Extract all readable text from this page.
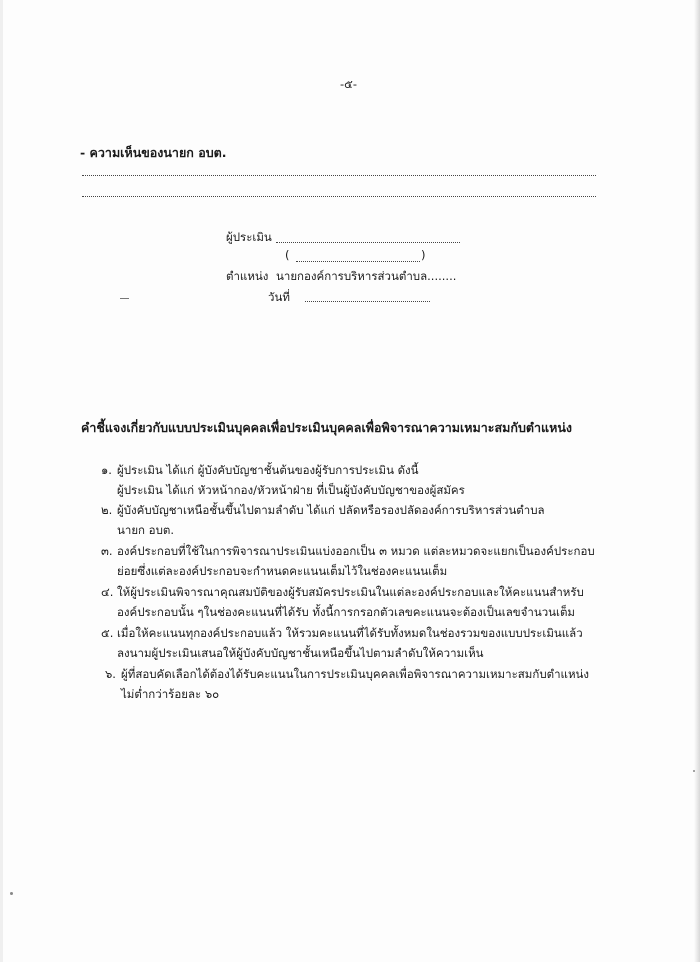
-๕-
- ความเห็นของนายก อบต.
ผู้ประเมิน
(	)
ตำแหน่ง นายกองค์การบริหารส่วนตำบล........
วันที่
คำชี้แจงเกี่ยวกับแบบประเมินบุคคลเพื่อประเมินบุคคลเพื่อพิจารณาความเหมาะสมกับตำแหน่ง
๑. ผู้ประเมิน ได้แก่ ผู้บังคับบัญชาชั้นต้นของผู้รับการประเมิน ดังนี้
ผู้ประเมิน ได้แก่ หัวหน้ากอง/หัวหน้าฝ่าย ที่เป็นผู้บังคับบัญชาของผู้สมัคร
๒. ผู้บังคับบัญชาเหนือชั้นขึ้นไปตามลำดับ ได้แก่ ปลัดหรือรองปลัดองค์การบริหารส่วนตำบล
นายก อบต.
๓. องค์ประกอบที่ใช้ในการพิจารณาประเมินแบ่งออกเป็น ๓ หมวด แต่ละหมวดจะแยกเป็นองค์ประกอบ
ย่อยซึ่งแต่ละองค์ประกอบจะกำหนดคะแนนเต็มไว้ในช่องคะแนนเต็ม
๔. ให้ผู้ประเมินพิจารณาคุณสมบัติของผู้รับสมัครประเมินในแต่ละองค์ประกอบและให้คะแนนสำหรับ
องค์ประกอบนั้น ๆในช่องคะแนนที่ได้รับ ทั้งนี้การกรอกตัวเลขคะแนนจะต้องเป็นเลขจำนวนเต็ม
๕. เมื่อให้คะแนนทุกองค์ประกอบแล้ว ให้รวมคะแนนที่ได้รับทั้งหมดในช่องรวมของแบบประเมินแล้ว
ลงนามผู้ประเมินเสนอให้ผู้บังคับบัญชาชั้นเหนือขึ้นไปตามลำดับให้ความเห็น
๖. ผู้ที่สอบคัดเลือกได้ต้องได้รับคะแนนในการประเมินบุคคลเพื่อพิจารณาความเหมาะสมกับตำแหน่ง
ไม่ต่ำกว่าร้อยละ ๖๐
